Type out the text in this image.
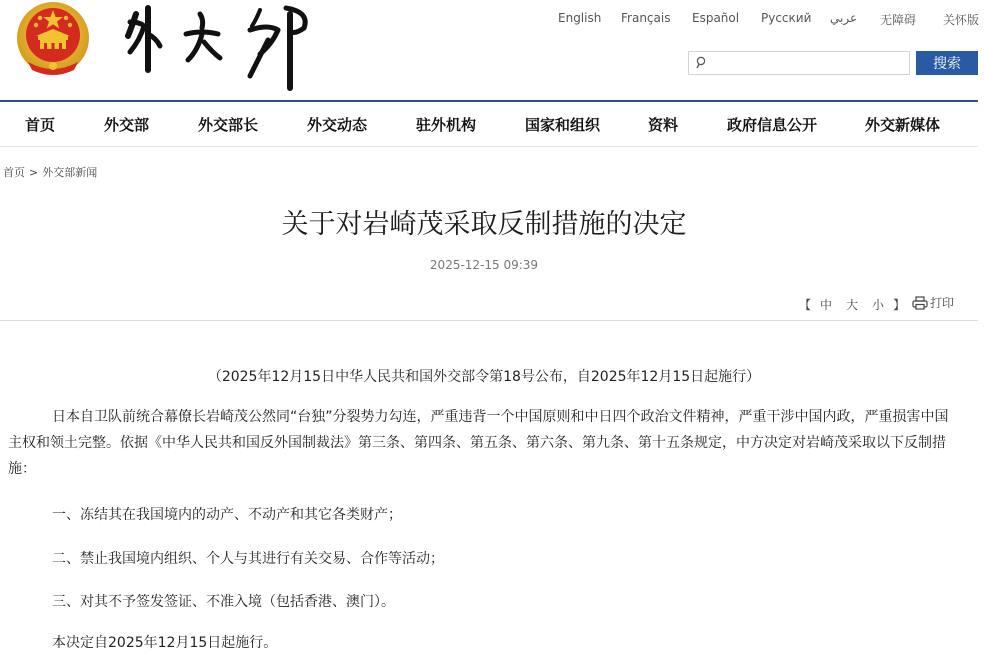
English Français Español Русский عربي 无障碍 关怀版
搜索
首页	外交部	外交部长	外交动态	驻外机构	国家和组织	资料	政府信息公开	外交新媒体
首页 > 外交部新闻
关于对岩崎茂采取反制措施的决定
2025-12-15 09:39
【 中 大 小 】	打印
（2025年12月15日中华人民共和国外交部令第18号公布，自2025年12月15日起施行）
日本自卫队前统合幕僚长岩崎茂公然同“台独”分裂势力勾连，严重违背一个中国原则和中日四个政治文件精神，严重干涉中国内政，严重损害中国主权和领土完整。依据《中华人民共和国反外国制裁法》第三条、第四条、第五条、第六条、第九条、第十五条规定，中方决定对岩崎茂采取以下反制措施：
一、冻结其在我国境内的动产、不动产和其它各类财产；
二、禁止我国境内组织、个人与其进行有关交易、合作等活动；
三、对其不予签发签证、不准入境（包括香港、澳门）。
本决定自2025年12月15日起施行。
